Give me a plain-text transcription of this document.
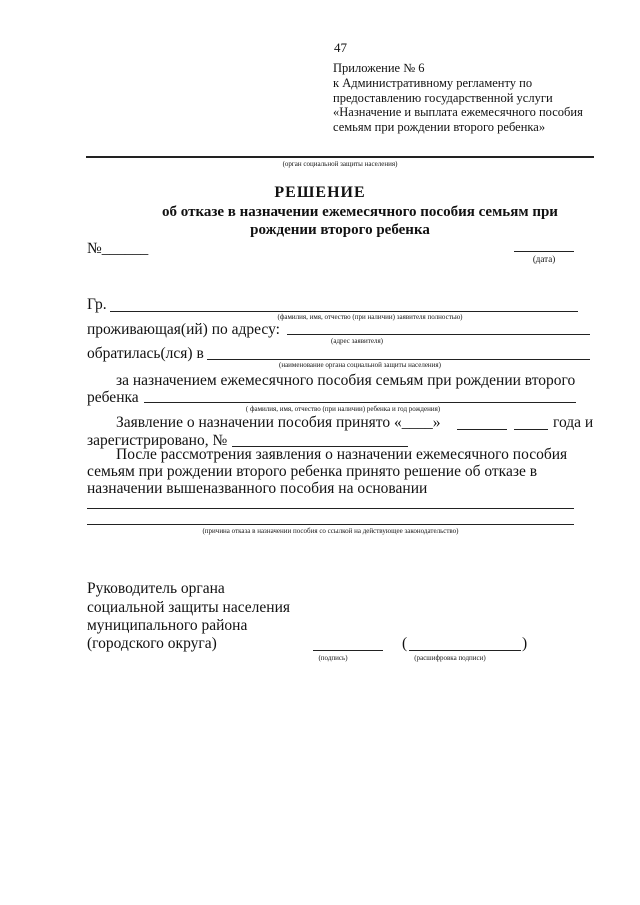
47
Приложение № 6
к Административному регламенту по
предоставлению государственной услуги
«Назначение и выплата ежемесячного пособия
семьям при рождении второго ребенка»
(орган социальной защиты населения)
РЕШЕНИЕ
об отказе в назначении ежемесячного пособия семьям при
рождении второго ребенка
№______
(дата)
Гр.
(фамилия, имя, отчество (при наличии) заявителя полностью)
проживающая(ий) по адресу:
(адрес заявителя)
обратилась(лся) в
(наименование органа социальной защиты населения)
за назначением ежемесячного пособия семьям при рождении второго
ребенка
( фамилия, имя, отчество (при наличии) ребенка и год рождения)
Заявление о назначении пособия принято «____»	года и
зарегистрировано, №
После рассмотрения заявления о назначении ежемесячного пособия
семьям при рождении второго ребенка принято решение об отказе в
назначении вышеназванного пособия на основании
(причина отказа в назначении пособия со ссылкой на действующее законодательство)
Руководитель органа
социальной защиты населения
муниципального района
(городского округа)
(подпись)
(	)
(расшифровка подписи)
